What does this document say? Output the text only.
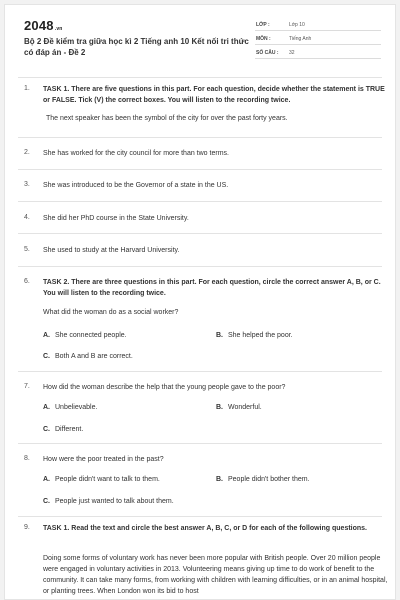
2048.vn
Bộ 2 Đề kiểm tra giữa học kì 2 Tiếng anh 10 Kết nối tri thức có đáp án - Đề 2
LỚP :	Lớp 10
MÔN :	Tiếng Anh
SỐ CÂU : 32
1. TASK 1. There are five questions in this part. For each question, decide whether the statement is TRUE or FALSE. Tick (V) the correct boxes. You will listen to the recording twice.
The next speaker has been the symbol of the city for over the past forty years.
2. She has worked for the city council for more than two terms.
3. She was introduced to be the Governor of a state in the US.
4. She did her PhD course in the State University.
5. She used to study at the Harvard University.
6. TASK 2. There are three questions in this part. For each question, circle the correct answer A, B, or C. You will listen to the recording twice.
What did the woman do as a social worker?
A. She connected people.	B. She helped the poor.
C. Both A and B are correct.
7. How did the woman describe the help that the young people gave to the poor?
A. Unbelievable.	B. Wonderful.
C. Different.
8. How were the poor treated in the past?
A. People didn't want to talk to them.	B. People didn't bother them.
C. People just wanted to talk about them.
9. TASK 1. Read the text and circle the best answer A, B, C, or D for each of the following questions.
Doing some forms of voluntary work has never been more popular with British people. Over 20 million people were engaged in voluntary activities in 2013. Volunteering means giving up time to do work of benefit to the community. It can take many forms, from working with children with learning difficulties, or in an animal hospital, or planting trees. When London won its bid to host
